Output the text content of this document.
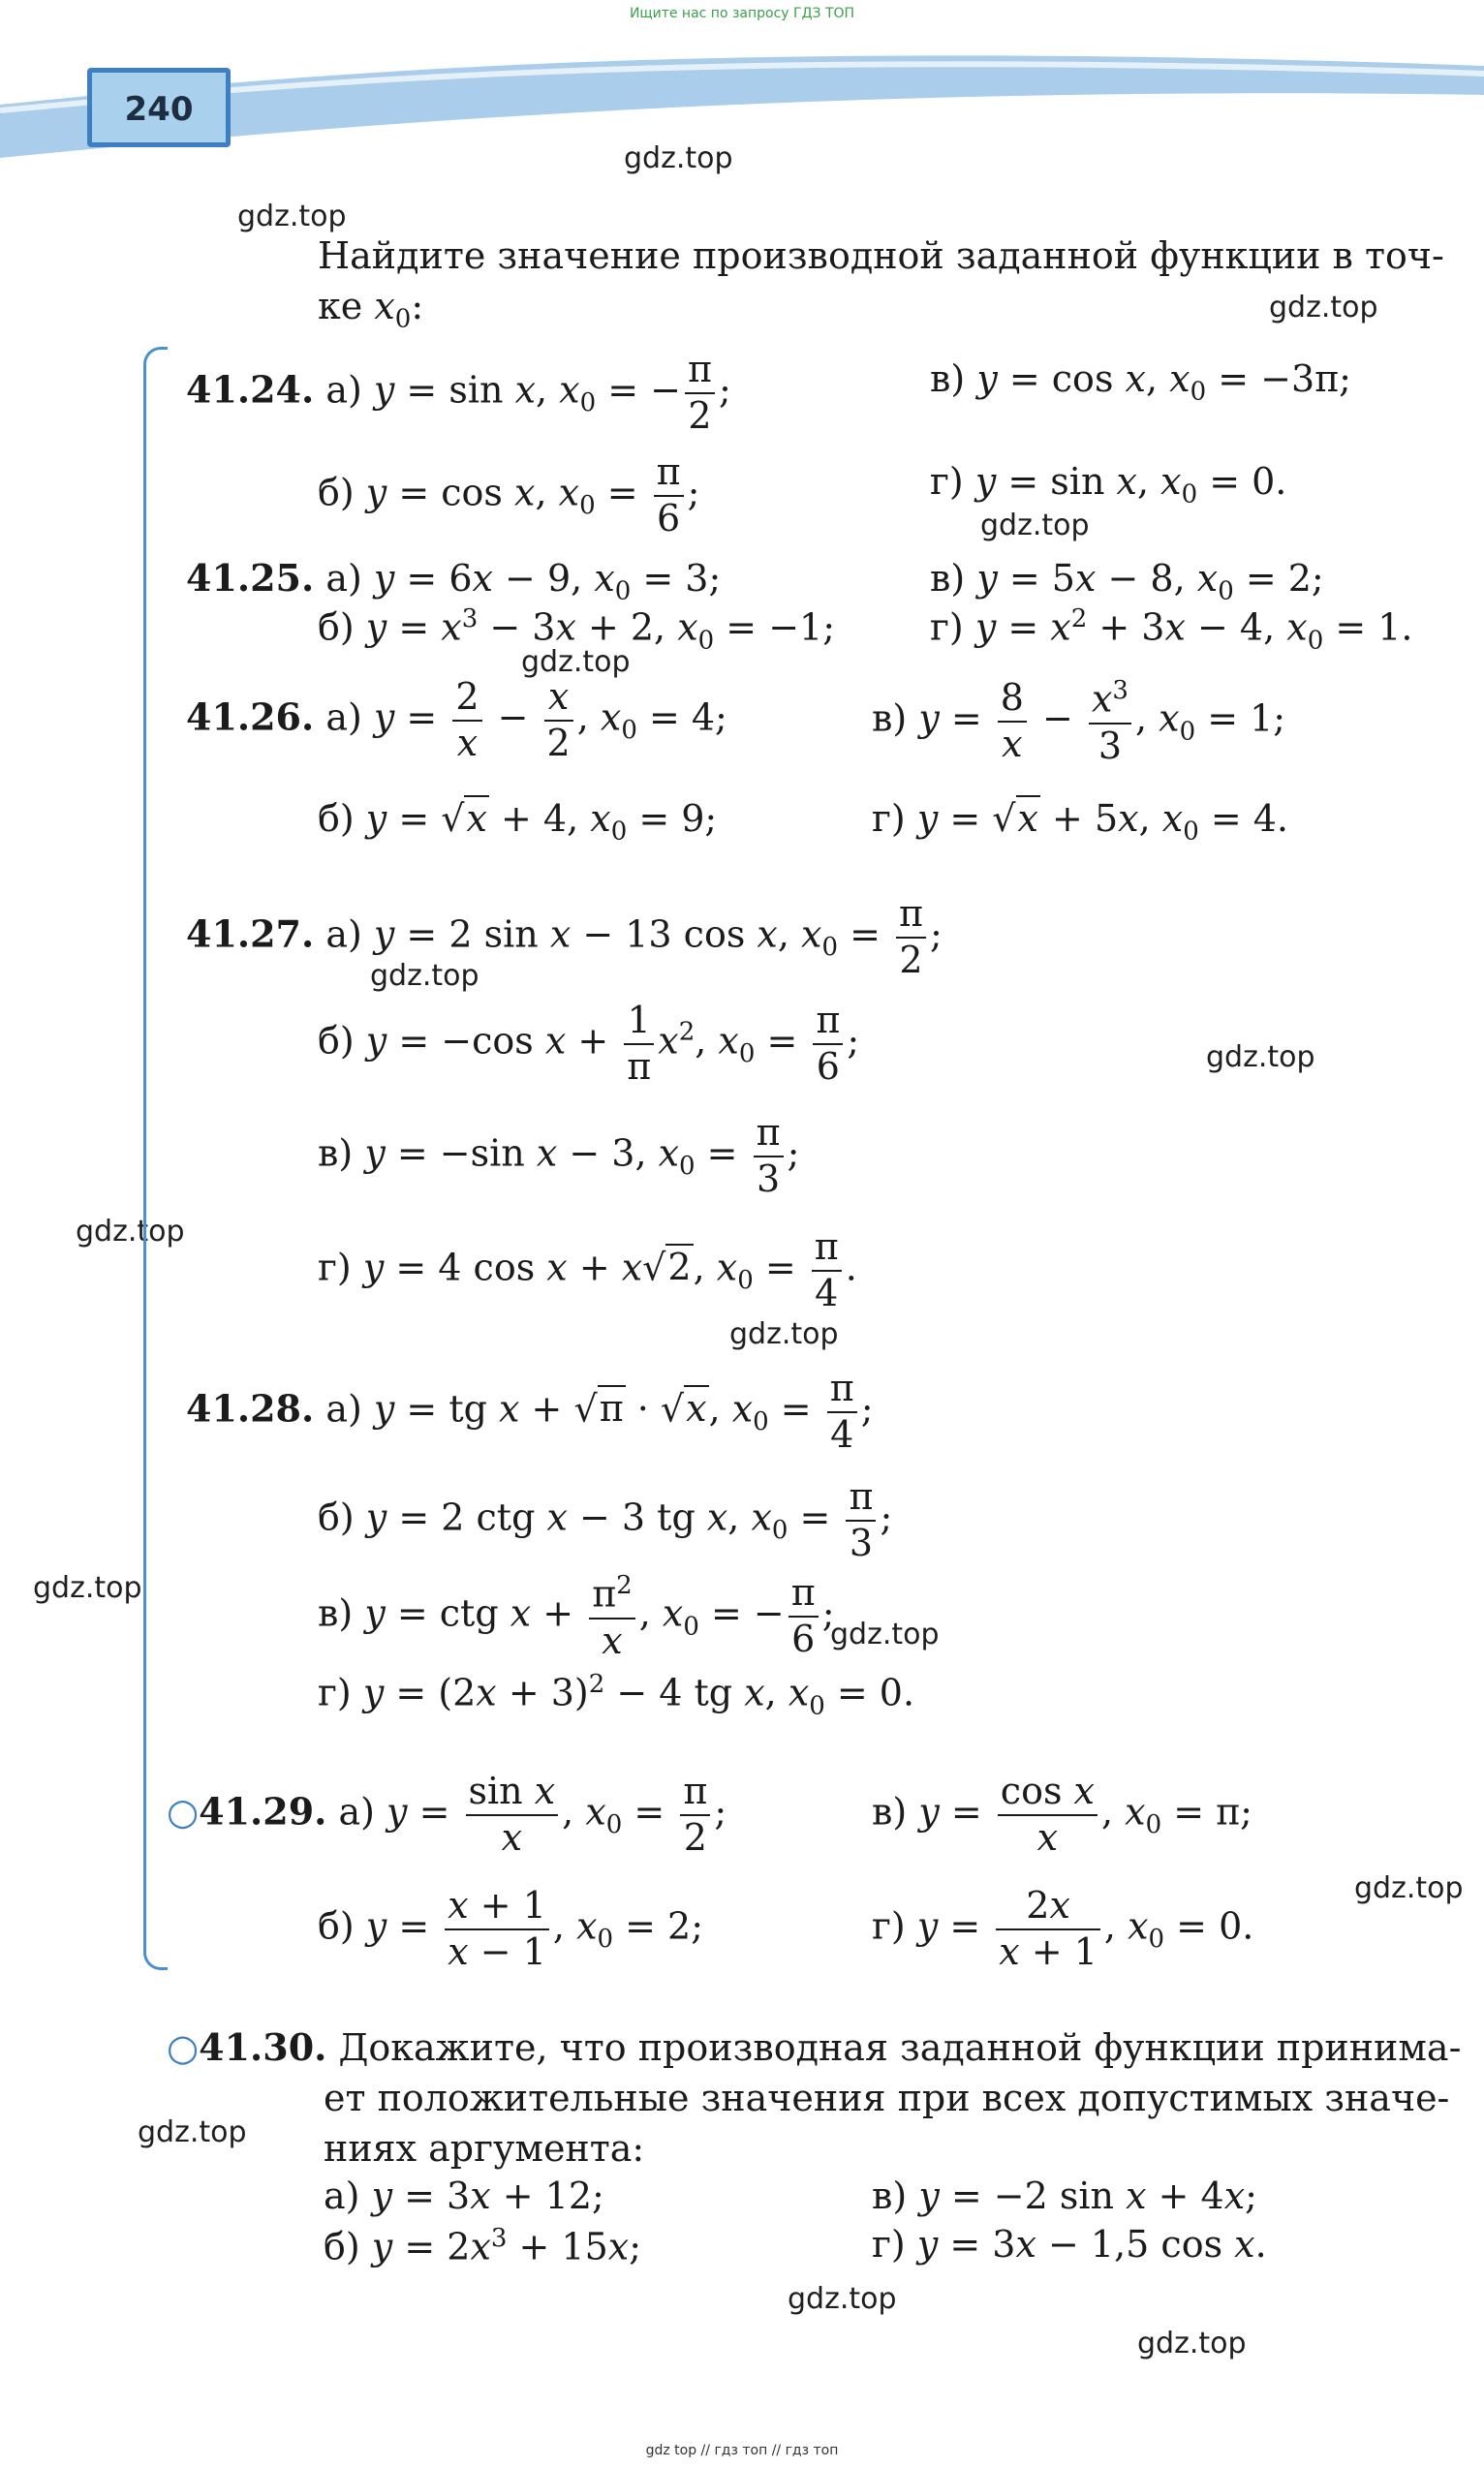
Ищите нас по запросу ГДЗ ТОП
240
gdz.top
gdz.top
gdz.top
gdz.top
gdz.top
gdz.top
gdz.top
gdz.top
gdz.top
gdz.top
gdz.top
gdz.top
gdz.top
gdz.top
gdz.top
Найдите значение производной заданной функции в точ-
ке $x_0$:
41.24. а) y = sin x, $x_0$ = − $\frac{\pi}{2}$ ;	в) y = cos x, $x_0 = -3\pi$;
б) y = cos x, $x_0 = \frac{\pi}{6}$ ;	г) y = sin x, $x_0 = 0$.
41.25. а) y = 6x − 9, $x_0 = 3$;	в) y = 5x − 8, $x_0 = 2$;
б) $y = x^3 - 3x + 2$, $x_0 = -1$;	г) $y = x^2 + 3x - 4$, $x_0 = 1$.
41.26. а) $y = \frac{2}{x} - \frac{x}{2}$ , $x_0 = 4$;	в) $y = \frac{8}{x} - \frac{x^3}{3}$ , $x_0 = 1$;
б) y = √x + 4, $x_0 = 9$;	г) y = √x + 5x, $x_0 = 4$.
41.27. а) y = 2 sin x − 13 cos x, $x_0 = \frac{\pi}{2}$ ;
б) y = −cos $x + \frac{1}{\pi} x^2$, $x_0 = \frac{\pi}{6}$ ;
в) y = −sin x − 3, $x_0 = \frac{\pi}{3}$ ;
г) y = 4 cos x + x√2, $x_0 = \frac{\pi}{4}$ .
41.28. а) y = tg x + √π · √x, $x_0 = \frac{\pi}{4}$ ;
б) y = 2 ctg x − 3 tg x, $x_0 = \frac{\pi}{3}$ ;
в) y = ctg $x + \frac{\pi^2}{x}$ , $x_0$ = − $\frac{\pi}{6}$ ;
г) $y = (2x + 3)^2 - 4$ tg x, $x_0 = 0$.
○41.29. а) $y = \frac{\text{sin x}}{x}$ , $x_0 = \frac{\pi}{2}$ ;	в) $y = \frac{\text{cos x}}{x}$ , $x_0 = \pi$;
б) $y = \frac{x + 1}{x - 1}$ , $x_0 = 2$;	г) $y = \frac{2x}{x + 1}$ , $x_0 = 0$.
○41.30. Докажите, что производная заданной функции принима-
ет положительные значения при всех допустимых значе-
ниях аргумента:
а) y = 3x + 12;	в) y = −2 sin x + 4x;
б) $y = 2x^3 + 15x$;	г) y = 3x − 1,5 cos x.
gdz top // гдз топ // гдз топ
